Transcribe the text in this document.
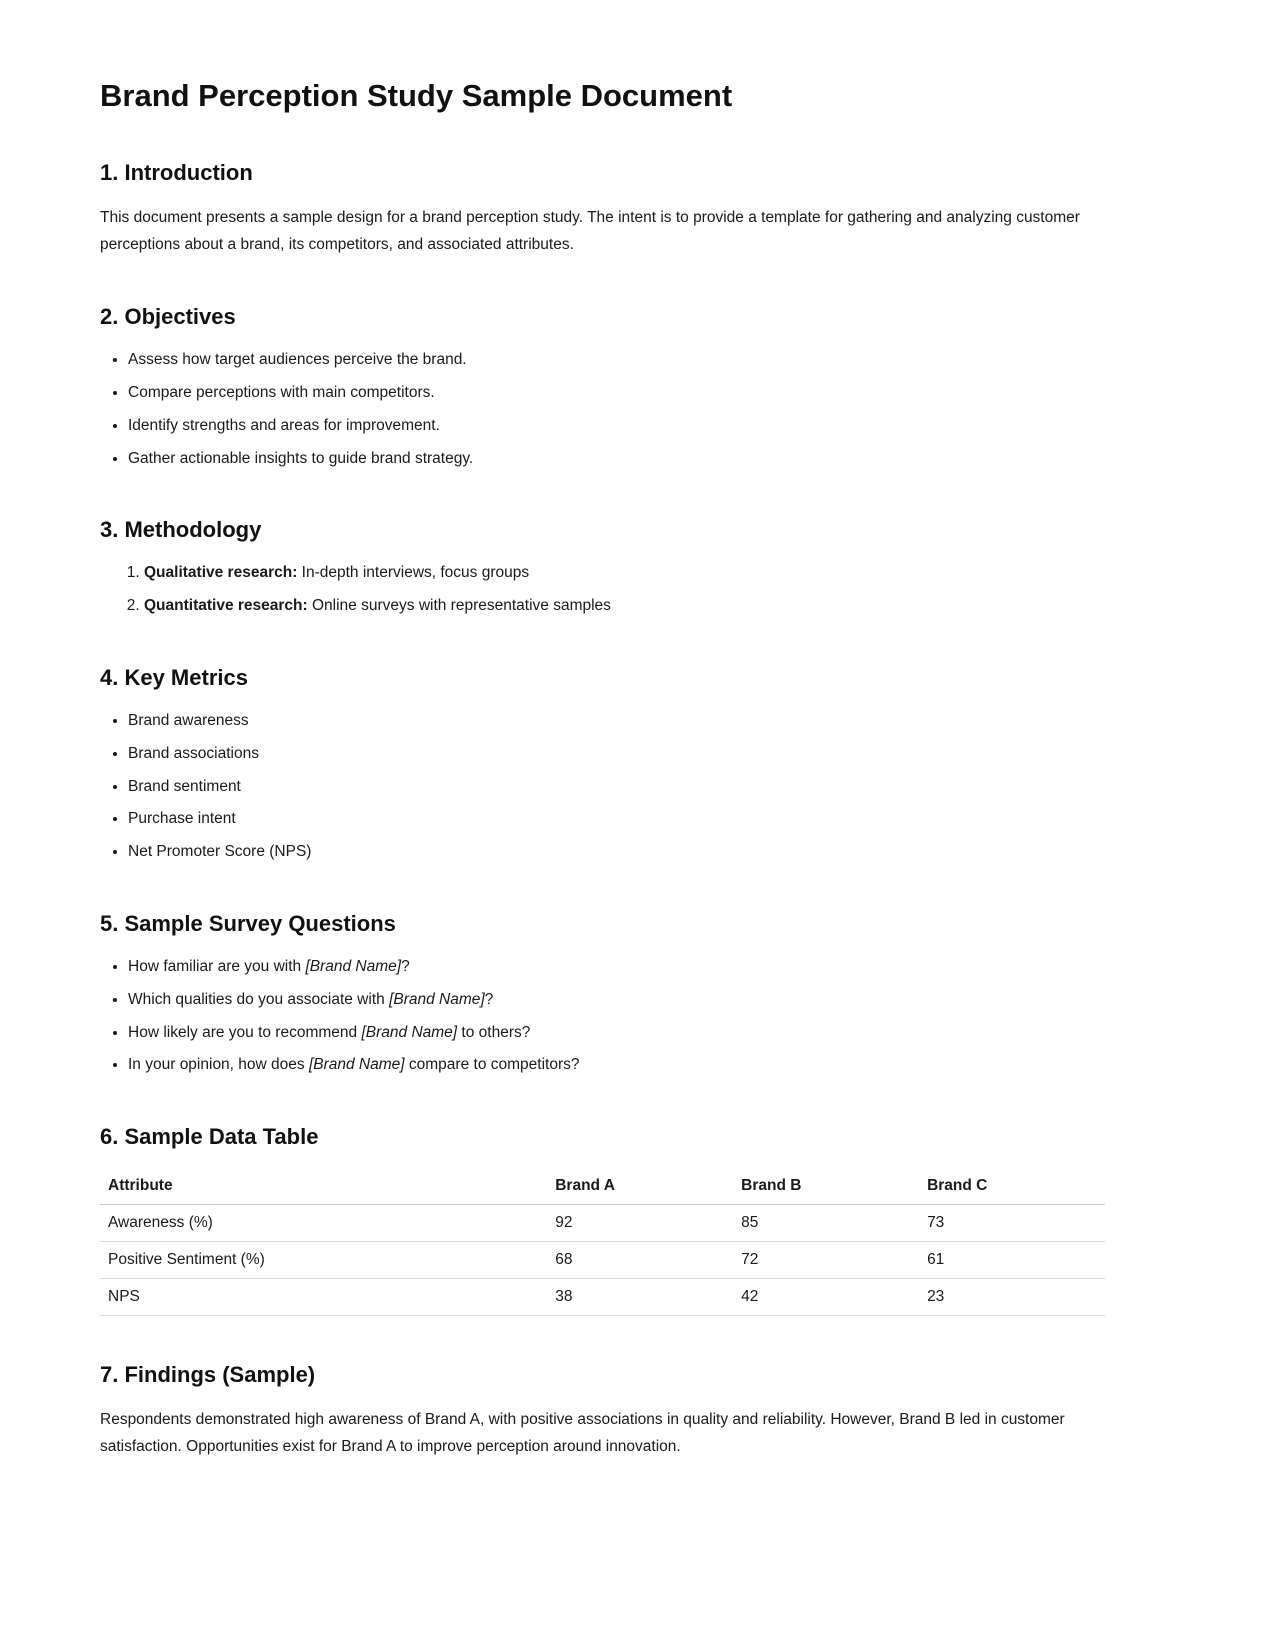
Brand Perception Study Sample Document
1. Introduction

This document presents a sample design for a brand perception study. The intent is to provide a template for gathering and analyzing customer perceptions about a brand, its competitors, and associated attributes.

2. Objectives
• Assess how target audiences perceive the brand.
• Compare perceptions with main competitors.
• Identify strengths and areas for improvement.
• Gather actionable insights to guide brand strategy.
3. Methodology
1. Qualitative research: In-depth interviews, focus groups
2. Quantitative research: Online surveys with representative samples
4. Key Metrics
• Brand awareness
• Brand associations
• Brand sentiment
• Purchase intent
• Net Promoter Score (NPS)
5. Sample Survey Questions
• How familiar are you with [Brand Name]?
• Which qualities do you associate with [Brand Name]?
• How likely are you to recommend [Brand Name] to others?
• In your opinion, how does [Brand Name] compare to competitors?
6. Sample Data Table
Attribute	Brand A	Brand B	Brand C
Awareness (%)	92	85	73
Positive Sentiment (%)	68	72	61
NPS	38	42	23
7. Findings (Sample)

Respondents demonstrated high awareness of Brand A, with positive associations in quality and reliability. However, Brand B led in customer satisfaction. Opportunities exist for Brand A to improve perception around innovation.
